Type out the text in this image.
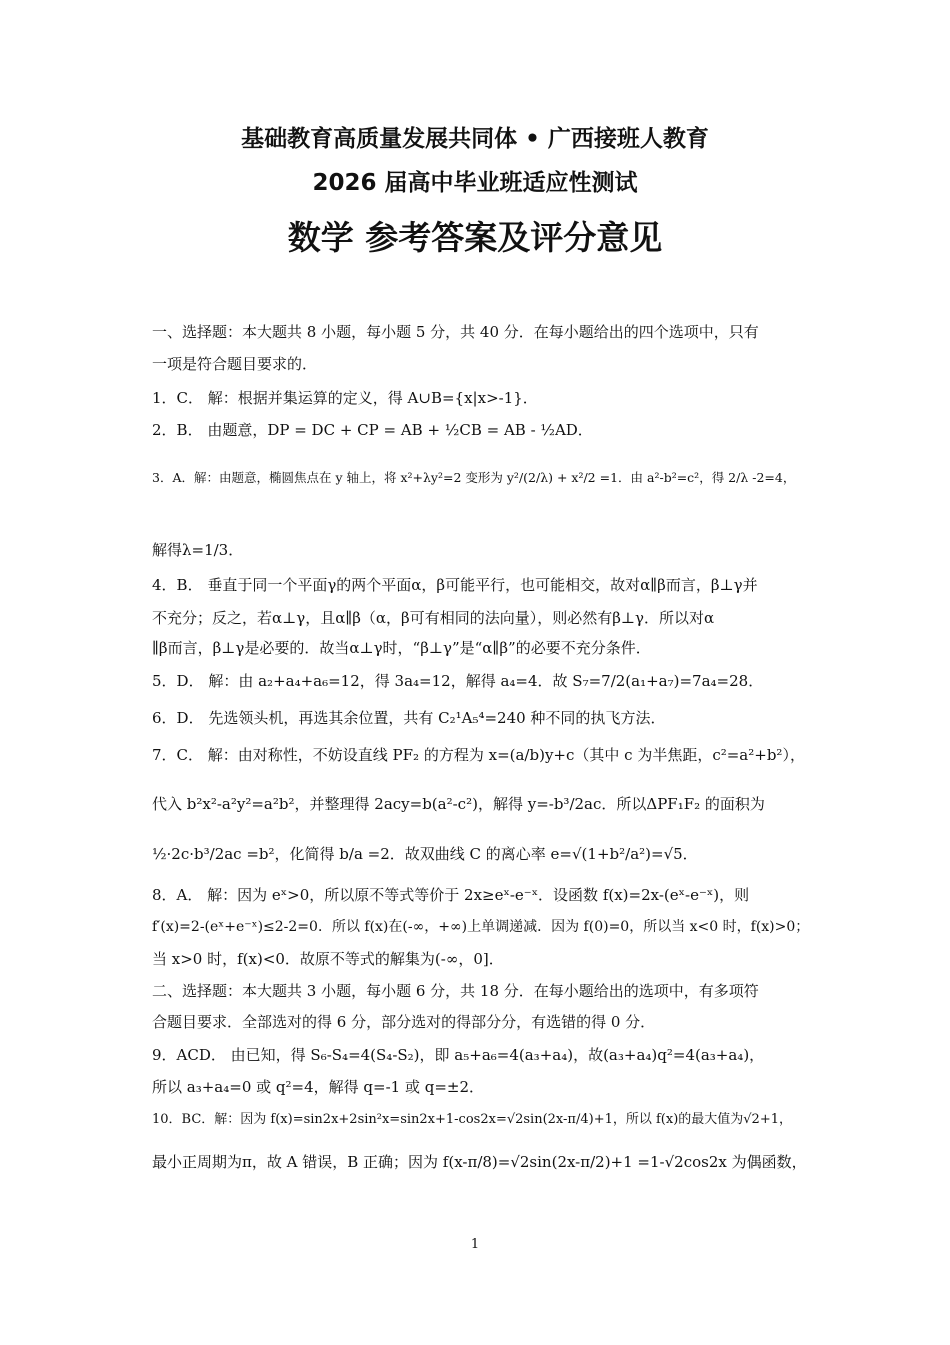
基础教育高质量发展共同体 • 广西接班人教育
2026 届高中毕业班适应性测试
数学 参考答案及评分意见
一、选择题：本大题共 8 小题，每小题 5 分，共 40 分．在每小题给出的四个选项中，只有
一项是符合题目要求的．
1．C． 解：根据并集运算的定义，得 A∪B={x|x>-1}．
2．B． 由题意，DP = DC + CP = AB + ½CB = AB - ½AD．
3．A．解：由题意，椭圆焦点在 y 轴上，将 x²+λy²=2 变形为 y²/(2/λ) + x²/2 =1．由 a²-b²=c²，得 2/λ -2=4，
解得λ=1/3．
4．B． 垂直于同一个平面γ的两个平面α，β可能平行，也可能相交，故对α∥β而言，β⊥γ并
不充分；反之，若α⊥γ，且α∥β（α，β可有相同的法向量），则必然有β⊥γ．所以对α
∥β而言，β⊥γ是必要的．故当α⊥γ时，“β⊥γ”是“α∥β”的必要不充分条件．
5．D． 解：由 a₂+a₄+a₆=12，得 3a₄=12，解得 a₄=4．故 S₇=7/2(a₁+a₇)=7a₄=28．
6．D． 先选领头机，再选其余位置，共有 C₂¹A₅⁴=240 种不同的执飞方法．
7．C． 解：由对称性，不妨设直线 PF₂ 的方程为 x=(a/b)y+c（其中 c 为半焦距，c²=a²+b²），
代入 b²x²-a²y²=a²b²，并整理得 2acy=b(a²-c²)，解得 y=-b³/2ac．所以ΔPF₁F₂ 的面积为
½·2c·b³/2ac =b²，化简得 b/a =2．故双曲线 C 的离心率 e=√(1+b²/a²)=√5．
8．A． 解：因为 eˣ>0，所以原不等式等价于 2x≥eˣ-e⁻ˣ．设函数 f(x)=2x-(eˣ-e⁻ˣ)，则
f′(x)=2-(eˣ+e⁻ˣ)≤2-2=0．所以 f(x)在(-∞，+∞)上单调递减．因为 f(0)=0，所以当 x<0 时，f(x)>0；
当 x>0 时，f(x)<0．故原不等式的解集为(-∞，0]．
二、选择题：本大题共 3 小题，每小题 6 分，共 18 分．在每小题给出的选项中，有多项符
合题目要求．全部选对的得 6 分，部分选对的得部分分，有选错的得 0 分．
9．ACD． 由已知，得 S₆-S₄=4(S₄-S₂)，即 a₅+a₆=4(a₃+a₄)，故(a₃+a₄)q²=4(a₃+a₄)，
所以 a₃+a₄=0 或 q²=4，解得 q=-1 或 q=±2．
10．BC．解：因为 f(x)=sin2x+2sin²x=sin2x+1-cos2x=√2sin(2x-π/4)+1，所以 f(x)的最大值为√2+1，
最小正周期为π，故 A 错误，B 正确；因为 f(x-π/8)=√2sin(2x-π/2)+1 =1-√2cos2x 为偶函数，
1
